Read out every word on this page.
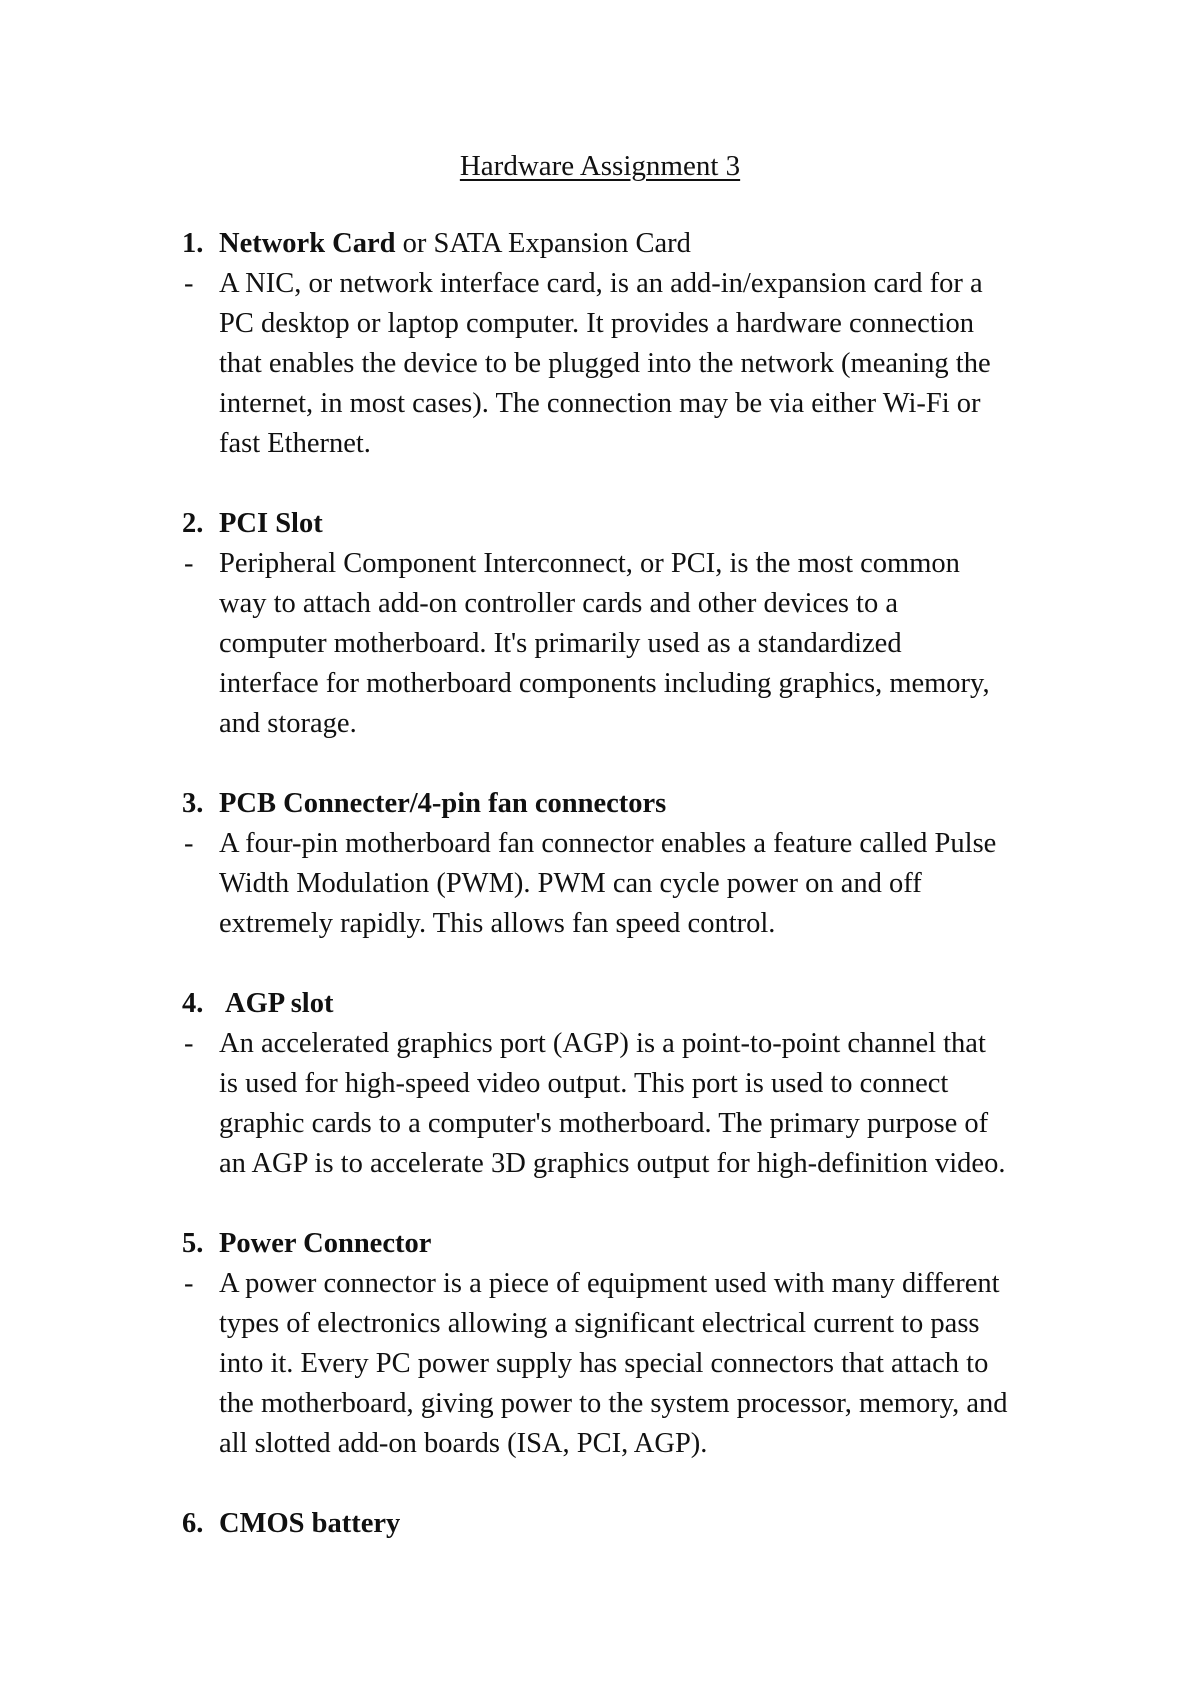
Hardware Assignment 3
1. Network Card or SATA Expansion Card
- A NIC, or network interface card, is an add-in/expansion card for a
PC desktop or laptop computer. It provides a hardware connection
that enables the device to be plugged into the network (meaning the
internet, in most cases). The connection may be via either Wi-Fi or
fast Ethernet.
2. PCI Slot
- Peripheral Component Interconnect, or PCI, is the most common
way to attach add-on controller cards and other devices to a
computer motherboard. It's primarily used as a standardized
interface for motherboard components including graphics, memory,
and storage.
3. PCB Connecter/4-pin fan connectors
- A four-pin motherboard fan connector enables a feature called Pulse
Width Modulation (PWM). PWM can cycle power on and off
extremely rapidly. This allows fan speed control.
4. AGP slot
- An accelerated graphics port (AGP) is a point-to-point channel that
is used for high-speed video output. This port is used to connect
graphic cards to a computer's motherboard. The primary purpose of
an AGP is to accelerate 3D graphics output for high-definition video.
5. Power Connector
- A power connector is a piece of equipment used with many different
types of electronics allowing a significant electrical current to pass
into it. Every PC power supply has special connectors that attach to
the motherboard, giving power to the system processor, memory, and
all slotted add-on boards (ISA, PCI, AGP).
6. CMOS battery
